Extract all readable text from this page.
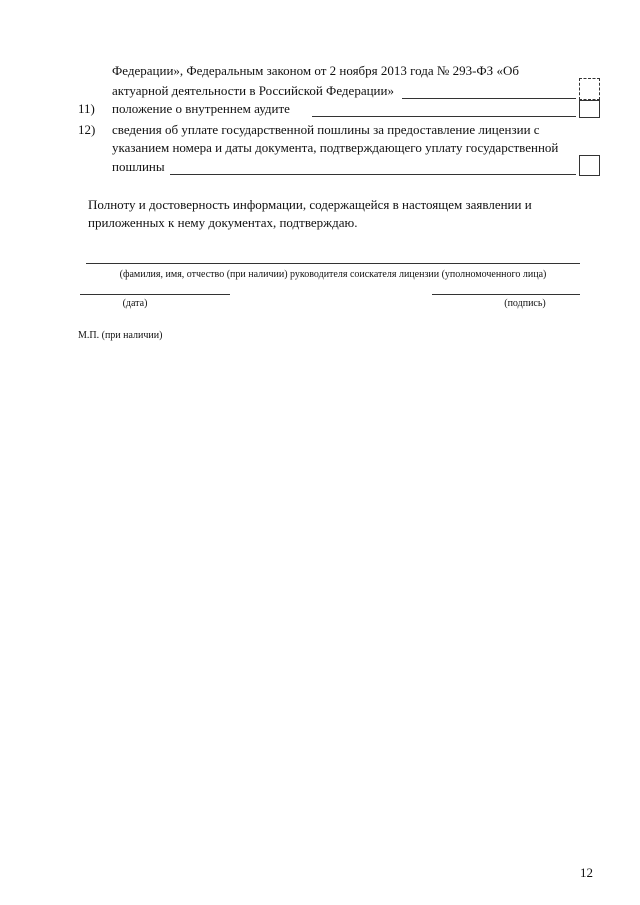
Федерации», Федеральным законом от 2 ноября 2013 года № 293-ФЗ «Об
актуарной деятельности в Российской Федерации»
11) положение о внутреннем аудите
12) сведения об уплате государственной пошлины за предоставление лицензии с
указанием номера и даты документа, подтверждающего уплату государственной
пошлины
Полноту и достоверность информации, содержащейся в настоящем заявлении и
приложенных к нему документах, подтверждаю.
(фамилия, имя, отчество (при наличии) руководителя соискателя лицензии (уполномоченного лица)
(дата)	(подпись)
М.П. (при наличии)
12
